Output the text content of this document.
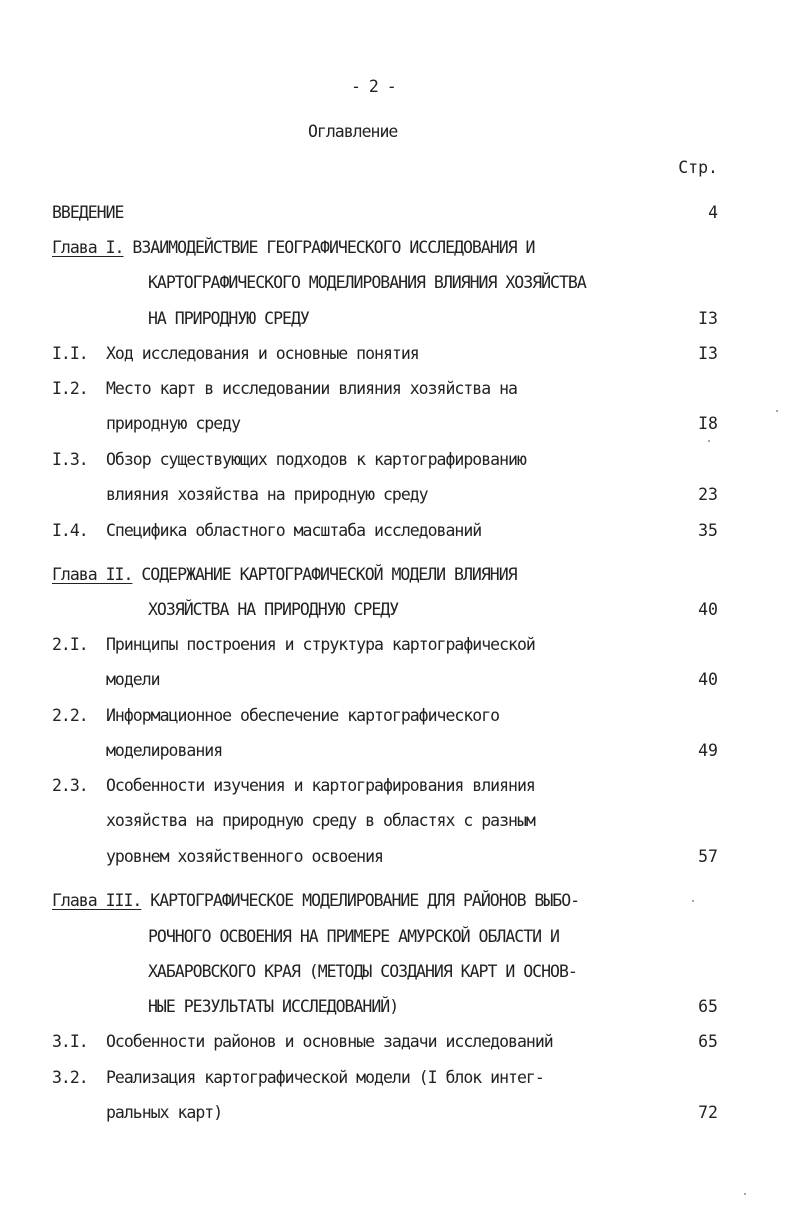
- 2 -
Оглавление
Стр.
ВВЕДЕНИЕ	4
Глава I. ВЗАИМОДЕЙСТВИЕ ГЕОГРАФИЧЕСКОГО ИССЛЕДОВАНИЯ И
КАРТОГРАФИЧЕСКОГО МОДЕЛИРОВАНИЯ ВЛИЯНИЯ ХОЗЯЙСТВА
НА ПРИРОДНУЮ СРЕДУ	I3
I.I. Ход исследования и основные понятия	I3
I.2. Место карт в исследовании влияния хозяйства на
природную среду	I8
I.3. Обзор существующих подходов к картографированию
влияния хозяйства на природную среду	23
I.4. Специфика областного масштаба исследований	35
Глава II. СОДЕРЖАНИЕ КАРТОГРАФИЧЕСКОЙ МОДЕЛИ ВЛИЯНИЯ
ХОЗЯЙСТВА НА ПРИРОДНУЮ СРЕДУ	40
2.I. Принципы построения и структура картографической
модели	40
2.2. Информационное обеспечение картографического
моделирования	49
2.3. Особенности изучения и картографирования влияния
хозяйства на природную среду в областях с разным
уровнем хозяйственного освоения	57
Глава III. КАРТОГРАФИЧЕСКОЕ МОДЕЛИРОВАНИЕ ДЛЯ РАЙОНОВ ВЫБО-
РОЧНОГО ОСВОЕНИЯ НА ПРИМЕРЕ АМУРСКОЙ ОБЛАСТИ И
ХАБАРОВСКОГО КРАЯ (МЕТОДЫ СОЗДАНИЯ КАРТ И ОСНОВ-
НЫЕ РЕЗУЛЬТАТЫ ИССЛЕДОВАНИЙ)	65
3.I. Особенности районов и основные задачи исследований	65
3.2. Реализация картографической модели (I блок интег-
ральных карт)	72
